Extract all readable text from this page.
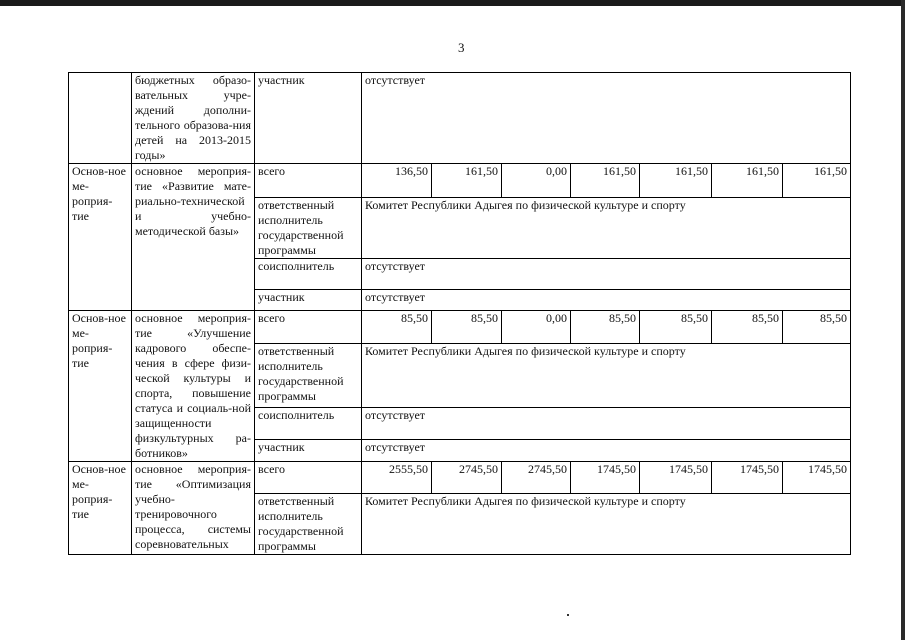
3
	бюджетных образо-вательных учре-ждений дополни-тельного образова-ния детей на 2013-2015 годы»	участник	отсутствует						
Основ-ное ме-роприя-тие	основное мероприя-тие «Развитие мате-риально-технической и учебно-методической базы»	всего	136,50	161,50	0,00	161,50	161,50	161,50	161,50
		ответственный исполнитель государственной программы	Комитет Республики Адыгея по физической культуре и спорту						
		соисполнитель	отсутствует						
		участник	отсутствует						
Основ-ное ме-роприя-тие	основное мероприя-тие «Улучшение кадрового обеспе-чения в сфере физи-ческой культуры и спорта, повышение статуса и социаль-ной защищенности физкультурных ра-ботников»	всего	85,50	85,50	0,00	85,50	85,50	85,50	85,50
		ответственный исполнитель государственной программы	Комитет Республики Адыгея по физической культуре и спорту						
		соисполнитель	отсутствует						
		участник	отсутствует						
Основ-ное ме-роприя-тие	основное мероприя-тие «Оптимизация учебно-тренировочного процесса, системы соревновательных	всего	2555,50	2745,50	2745,50	1745,50	1745,50	1745,50	1745,50
		ответственный исполнитель государственной программы	Комитет Республики Адыгея по физической культуре и спорту						
